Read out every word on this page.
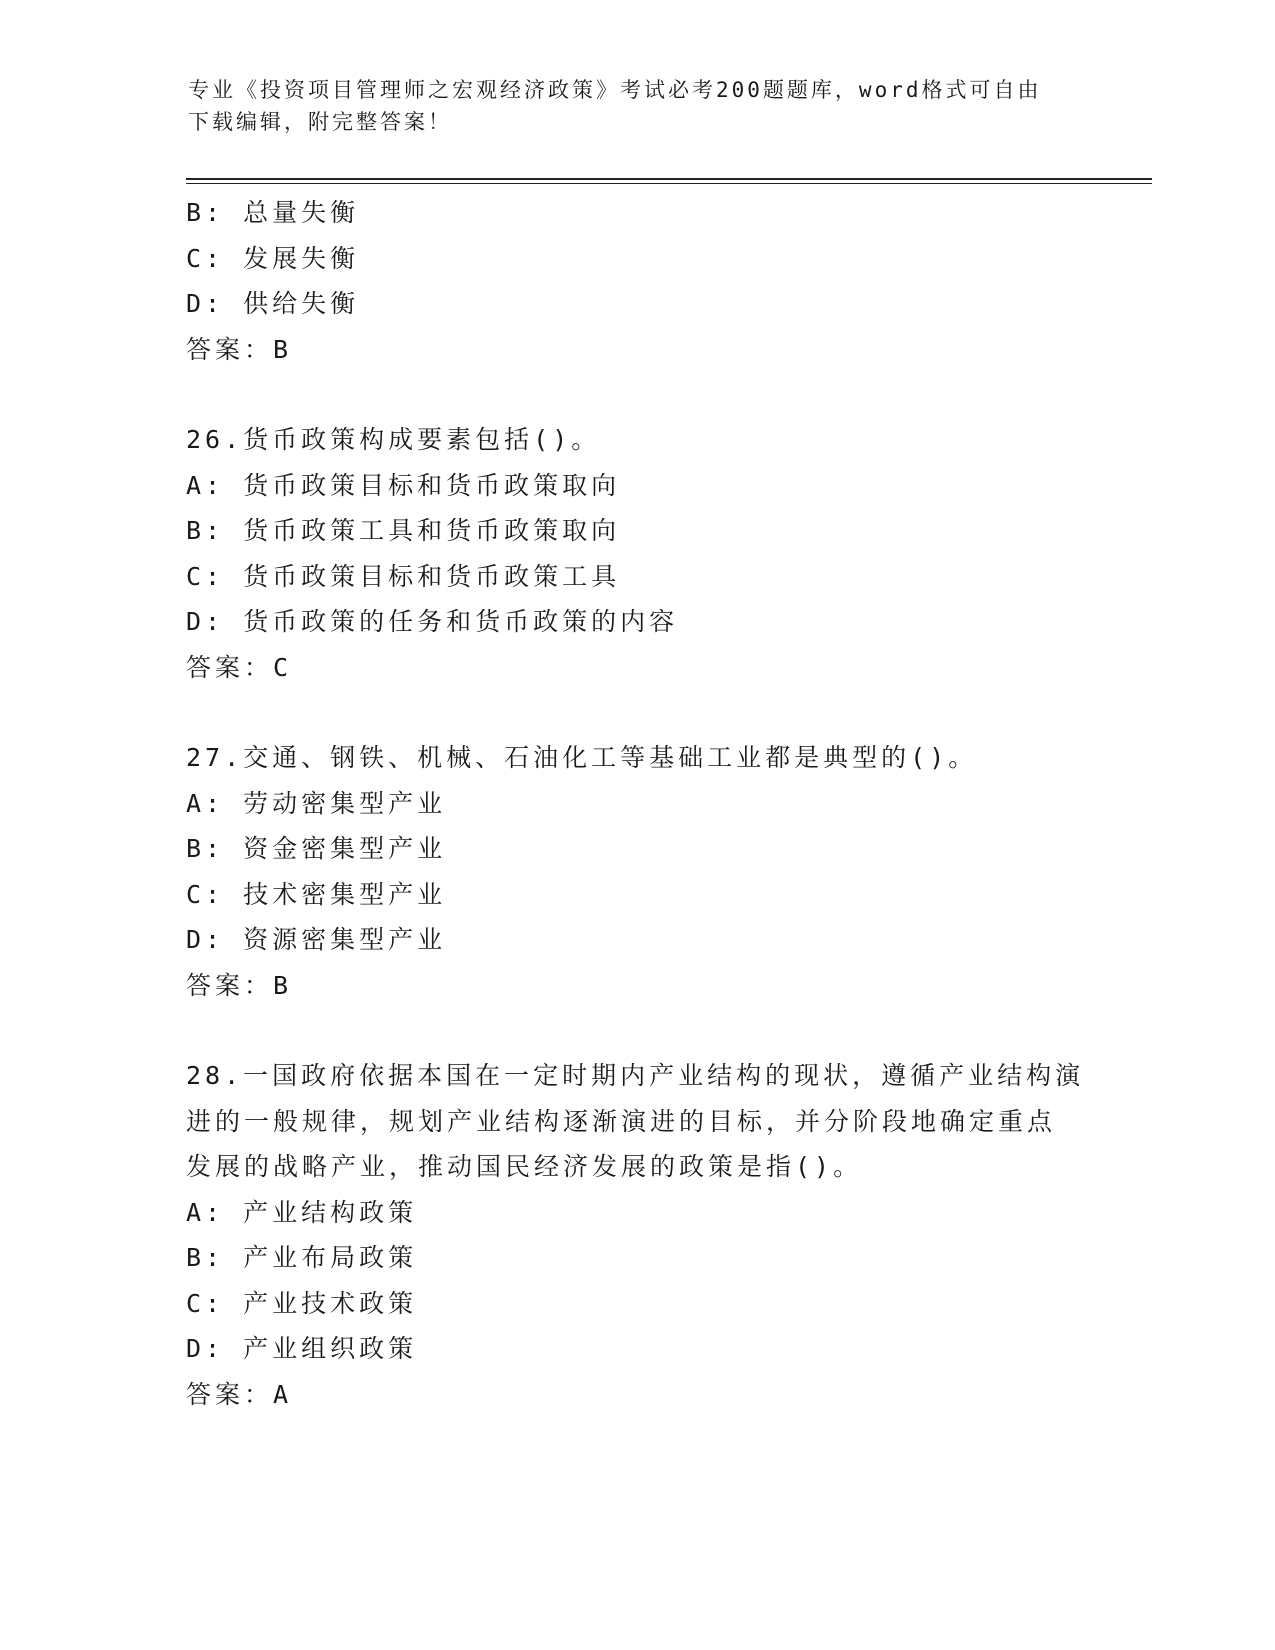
专业《投资项目管理师之宏观经济政策》考试必考200题题库，word格式可自由
下载编辑，附完整答案！
B: 总量失衡
C: 发展失衡
D: 供给失衡
答案：B
26.货币政策构成要素包括()。
A: 货币政策目标和货币政策取向
B: 货币政策工具和货币政策取向
C: 货币政策目标和货币政策工具
D: 货币政策的任务和货币政策的内容
答案：C
27.交通、钢铁、机械、石油化工等基础工业都是典型的()。
A: 劳动密集型产业
B: 资金密集型产业
C: 技术密集型产业
D: 资源密集型产业
答案：B
28.一国政府依据本国在一定时期内产业结构的现状，遵循产业结构演
进的一般规律，规划产业结构逐渐演进的目标，并分阶段地确定重点
发展的战略产业，推动国民经济发展的政策是指()。
A: 产业结构政策
B: 产业布局政策
C: 产业技术政策
D: 产业组织政策
答案：A
